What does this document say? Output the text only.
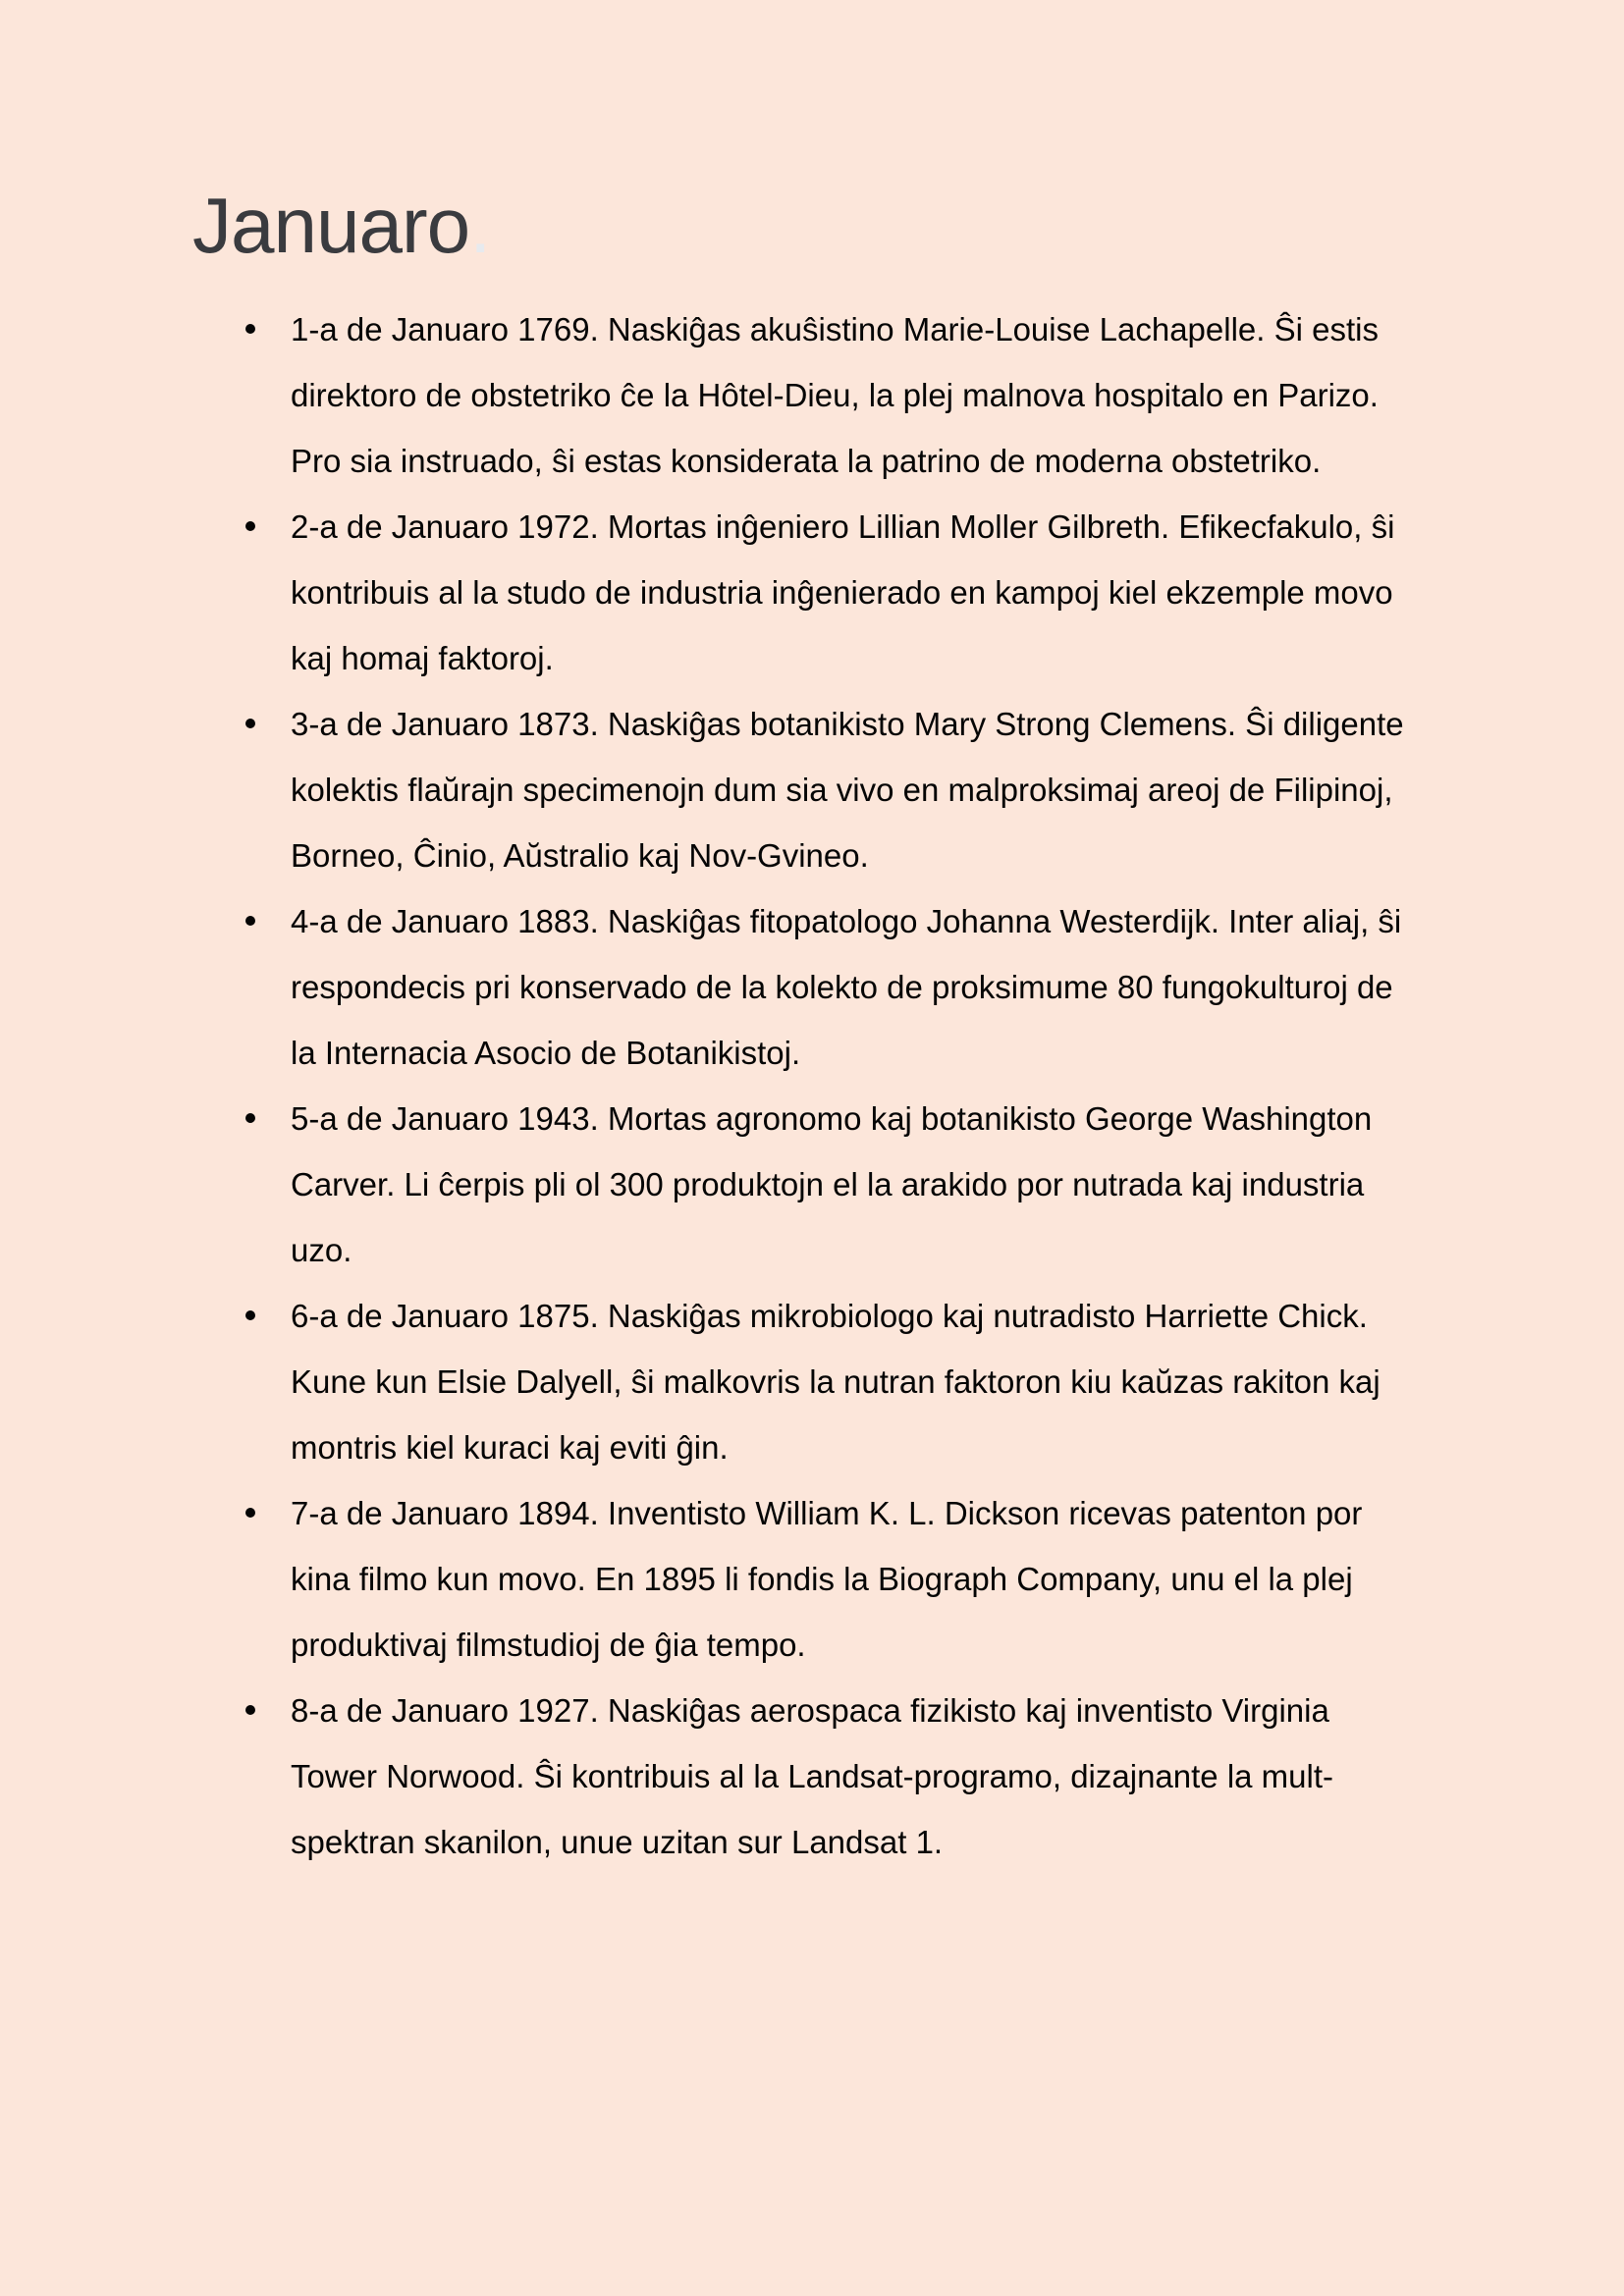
Januaro.
1-a de Januaro 1769. Naskiĝas akuŝistino Marie-Louise Lachapelle. Ŝi estis direktoro de obstetriko ĉe la Hôtel-Dieu, la plej malnova hospitalo en Parizo. Pro sia instruado, ŝi estas konsiderata la patrino de moderna obstetriko.
2-a de Januaro 1972. Mortas inĝeniero Lillian Moller Gilbreth. Efikecfakulo, ŝi kontribuis al la studo de industria inĝenierado en kampoj kiel ekzemple movo kaj homaj faktoroj.
3-a de Januaro 1873. Naskiĝas botanikisto Mary Strong Clemens. Ŝi diligente kolektis flaŭrajn specimenojn dum sia vivo en malproksimaj areoj de Filipinoj, Borneo, Ĉinio, Aŭstralio kaj Nov-Gvineo.
4-a de Januaro 1883. Naskiĝas fitopatologo Johanna Westerdijk. Inter aliaj, ŝi respondecis pri konservado de la kolekto de proksimume 80 fungokulturoj de la Internacia Asocio de Botanikistoj.
5-a de Januaro 1943. Mortas agronomo kaj botanikisto George Washington Carver. Li ĉerpis pli ol 300 produktojn el la arakido por nutrada kaj industria uzo.
6-a de Januaro 1875. Naskiĝas mikrobiologo kaj nutradisto Harriette Chick. Kune kun Elsie Dalyell, ŝi malkovris la nutran faktoron kiu kaŭzas rakiton kaj montris kiel kuraci kaj eviti ĝin.
7-a de Januaro 1894. Inventisto William K. L. Dickson ricevas patenton por kina filmo kun movo. En 1895 li fondis la Biograph Company, unu el la plej produktivaj filmstudioj de ĝia tempo.
8-a de Januaro 1927. Naskiĝas aerospaca fizikisto kaj inventisto Virginia Tower Norwood. Ŝi kontribuis al la Landsat-programo, dizajnante la mult-spektran skanilon, unue uzitan sur Landsat 1.
